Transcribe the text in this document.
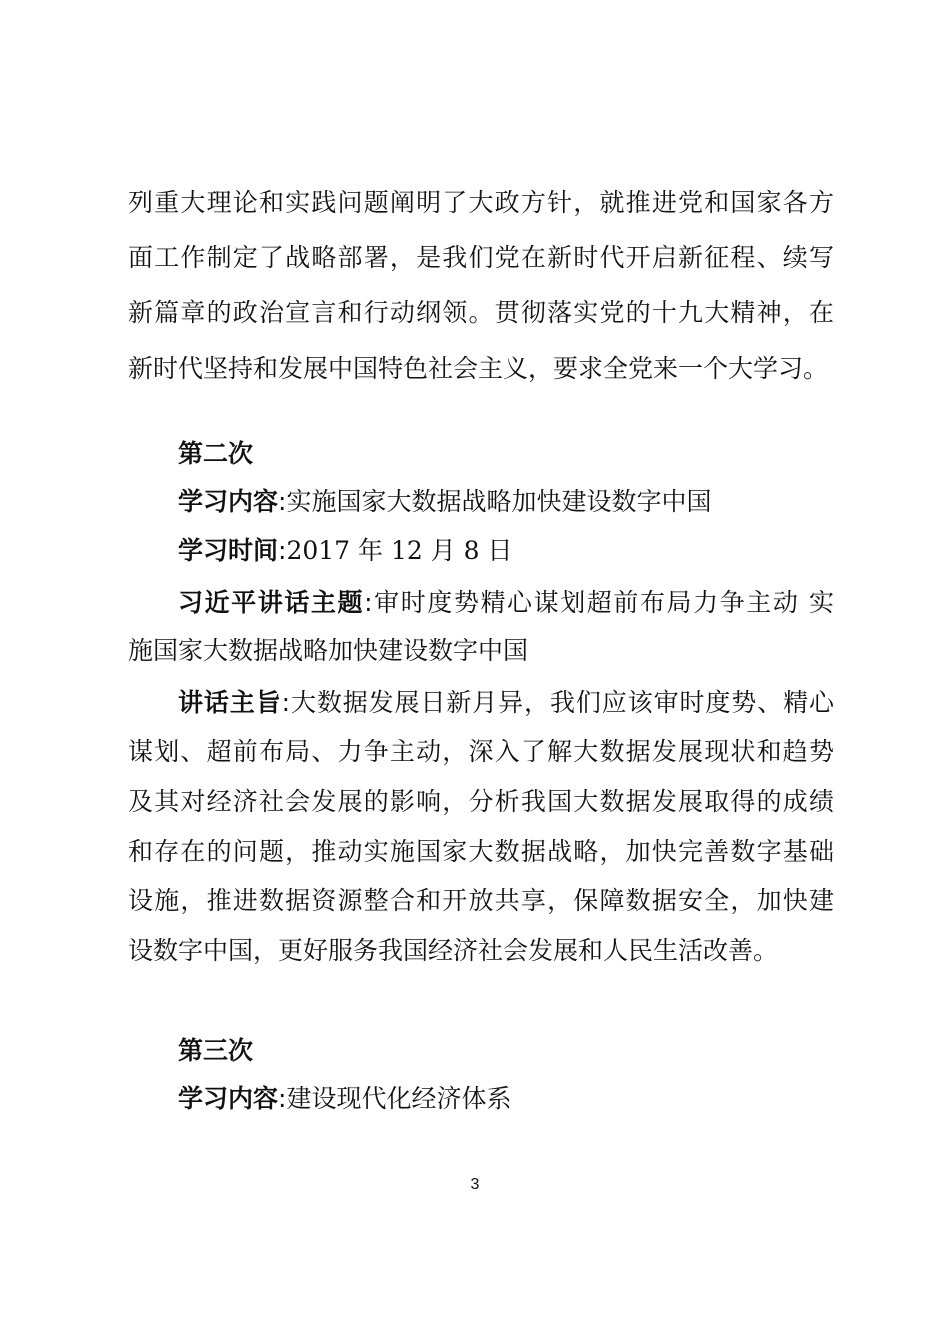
列重大理论和实践问题阐明了大政方针，就推进党和国家各方
面工作制定了战略部署，是我们党在新时代开启新征程、续写
新篇章的政治宣言和行动纲领。贯彻落实党的十九大精神，在
新时代坚持和发展中国特色社会主义，要求全党来一个大学习。
第二次
学习内容:实施国家大数据战略加快建设数字中国
学习时间:2017 年 12 月 8 日
习近平讲话主题:审时度势精心谋划超前布局力争主动 实
施国家大数据战略加快建设数字中国
讲话主旨:大数据发展日新月异，我们应该审时度势、精心
谋划、超前布局、力争主动，深入了解大数据发展现状和趋势
及其对经济社会发展的影响，分析我国大数据发展取得的成绩
和存在的问题，推动实施国家大数据战略，加快完善数字基础
设施，推进数据资源整合和开放共享，保障数据安全，加快建
设数字中国，更好服务我国经济社会发展和人民生活改善。
第三次
学习内容:建设现代化经济体系
3
